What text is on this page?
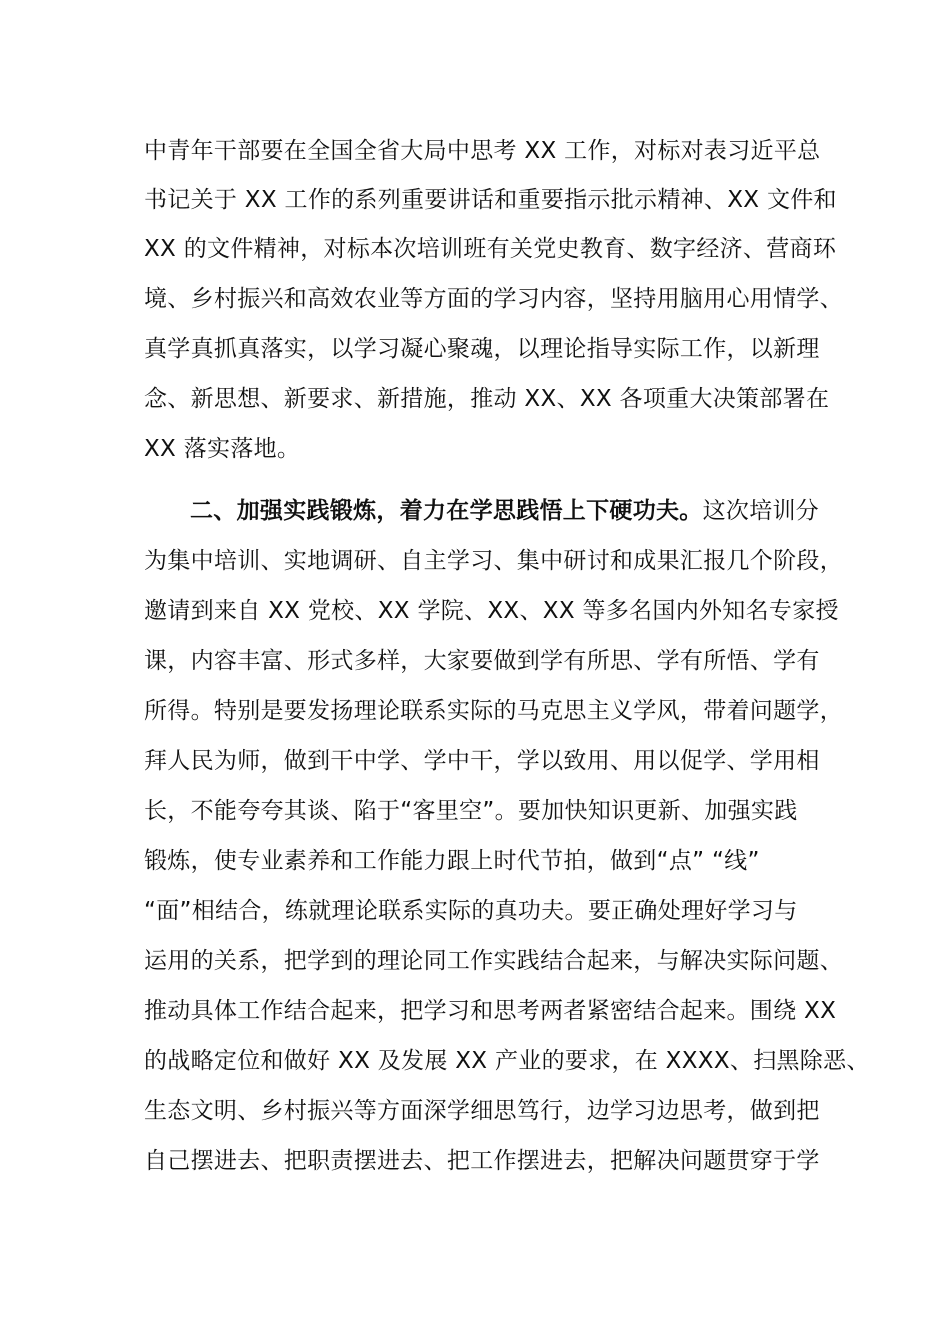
中青年干部要在全国全省大局中思考 XX 工作，对标对表习近平总
书记关于 XX 工作的系列重要讲话和重要指示批示精神、XX 文件和
XX 的文件精神，对标本次培训班有关党史教育、数字经济、营商环
境、乡村振兴和高效农业等方面的学习内容，坚持用脑用心用情学、
真学真抓真落实，以学习凝心聚魂，以理论指导实际工作，以新理
念、新思想、新要求、新措施，推动 XX、XX 各项重大决策部署在
XX 落实落地。
二、加强实践锻炼，着力在学思践悟上下硬功夫。这次培训分
为集中培训、实地调研、自主学习、集中研讨和成果汇报几个阶段，
邀请到来自 XX 党校、XX 学院、XX、XX 等多名国内外知名专家授
课，内容丰富、形式多样，大家要做到学有所思、学有所悟、学有
所得。特别是要发扬理论联系实际的马克思主义学风，带着问题学，
拜人民为师，做到干中学、学中干，学以致用、用以促学、学用相
长，不能夸夸其谈、陷于“客里空”。要加快知识更新、加强实践
锻炼，使专业素养和工作能力跟上时代节拍，做到“点” “线”
“面”相结合，练就理论联系实际的真功夫。要正确处理好学习与
运用的关系，把学到的理论同工作实践结合起来，与解决实际问题、
推动具体工作结合起来，把学习和思考两者紧密结合起来。围绕 XX
的战略定位和做好 XX 及发展 XX 产业的要求，在 XXXX、扫黑除恶、
生态文明、乡村振兴等方面深学细思笃行，边学习边思考，做到把
自己摆进去、把职责摆进去、把工作摆进去，把解决问题贯穿于学
